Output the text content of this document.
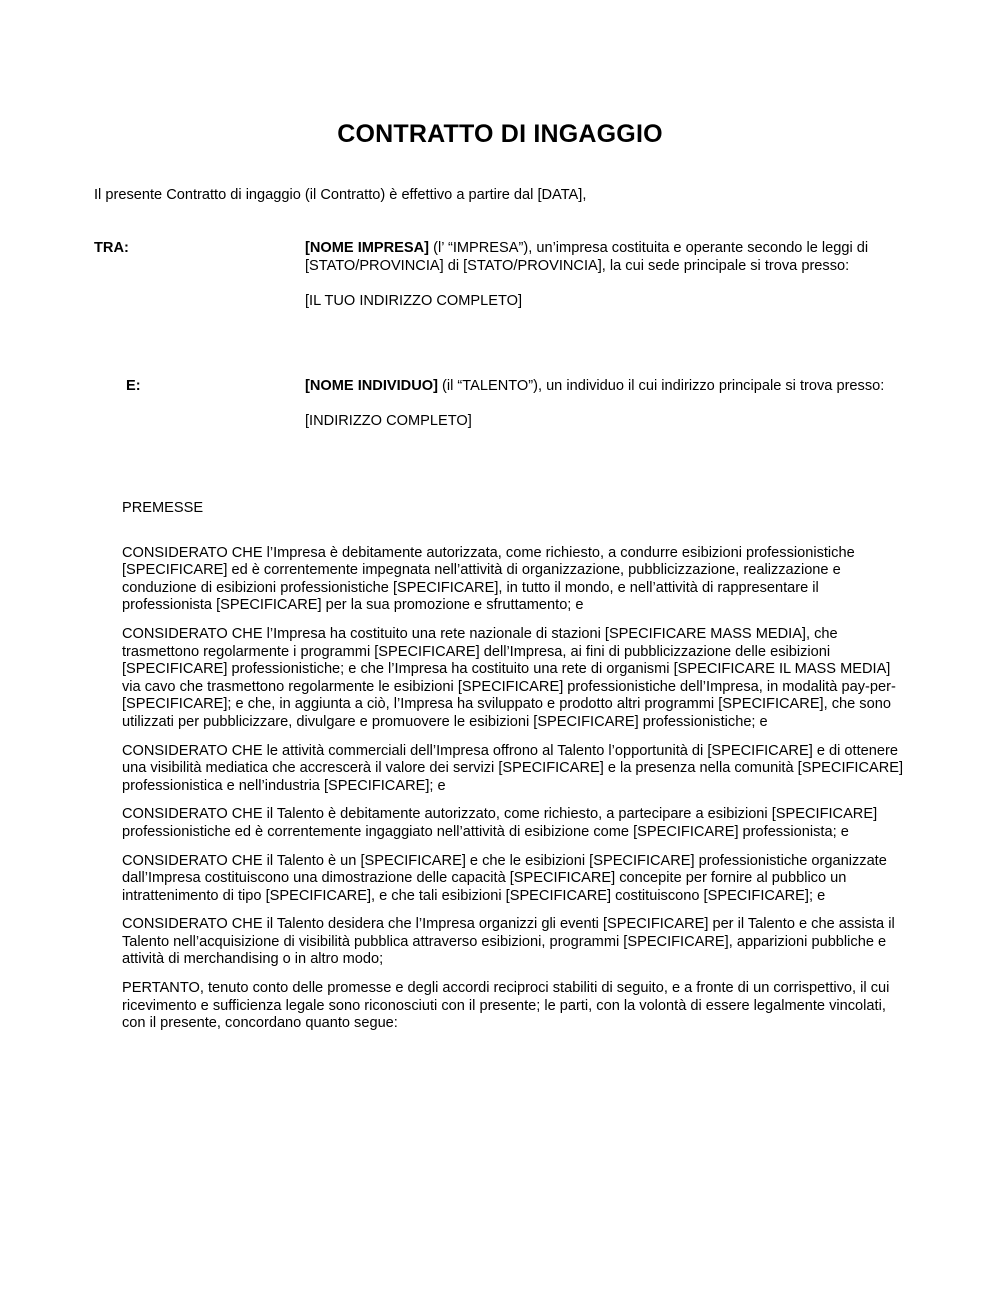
CONTRATTO DI INGAGGIO

Il presente Contratto di ingaggio (il Contratto) è effettivo a partire dal [DATA],

TRA:	[NOME IMPRESA] (l’ “IMPRESA”), un’impresa costituita e operante secondo le leggi di [STATO/PROVINCIA] di [STATO/PROVINCIA], la cui sede principale si trova presso:

[IL TUO INDIRIZZO COMPLETO]

E:	[NOME INDIVIDUO] (il “TALENTO”), un individuo il cui indirizzo principale si trova presso:

[INDIRIZZO COMPLETO]

PREMESSE

CONSIDERATO CHE l’Impresa è debitamente autorizzata, come richiesto, a condurre esibizioni professionistiche [SPECIFICARE] ed è correntemente impegnata nell’attività di organizzazione, pubblicizzazione, realizzazione e conduzione di esibizioni professionistiche [SPECIFICARE], in tutto il mondo, e nell’attività di rappresentare il professionista [SPECIFICARE] per la sua promozione e sfruttamento; e

CONSIDERATO CHE l’Impresa ha costituito una rete nazionale di stazioni [SPECIFICARE MASS MEDIA], che trasmettono regolarmente i programmi [SPECIFICARE] dell’Impresa, ai fini di pubblicizzazione delle esibizioni [SPECIFICARE] professionistiche; e che l’Impresa ha costituito una rete di organismi [SPECIFICARE IL MASS MEDIA] via cavo che trasmettono regolarmente le esibizioni [SPECIFICARE] professionistiche dell’Impresa, in modalità pay-per-[SPECIFICARE]; e che, in aggiunta a ciò, l’Impresa ha sviluppato e prodotto altri programmi [SPECIFICARE], che sono utilizzati per pubblicizzare, divulgare e promuovere le esibizioni [SPECIFICARE] professionistiche; e

CONSIDERATO CHE le attività commerciali dell’Impresa offrono al Talento l’opportunità di [SPECIFICARE] e di ottenere una visibilità mediatica che accrescerà il valore dei servizi [SPECIFICARE] e la presenza nella comunità [SPECIFICARE] professionistica e nell’industria [SPECIFICARE]; e

CONSIDERATO CHE il Talento è debitamente autorizzato, come richiesto, a partecipare a esibizioni [SPECIFICARE] professionistiche ed è correntemente ingaggiato nell’attività di esibizione come [SPECIFICARE] professionista; e

CONSIDERATO CHE il Talento è un [SPECIFICARE] e che le esibizioni [SPECIFICARE] professionistiche organizzate dall’Impresa costituiscono una dimostrazione delle capacità [SPECIFICARE] concepite per fornire al pubblico un intrattenimento di tipo [SPECIFICARE], e che tali esibizioni [SPECIFICARE] costituiscono [SPECIFICARE]; e

CONSIDERATO CHE il Talento desidera che l’Impresa organizzi gli eventi [SPECIFICARE] per il Talento e che assista il Talento nell’acquisizione di visibilità pubblica attraverso esibizioni, programmi [SPECIFICARE], apparizioni pubbliche e attività di merchandising o in altro modo;

PERTANTO, tenuto conto delle promesse e degli accordi reciproci stabiliti di seguito, e a fronte di un corrispettivo, il cui ricevimento e sufficienza legale sono riconosciuti con il presente; le parti, con la volontà di essere legalmente vincolati, con il presente, concordano quanto segue:
